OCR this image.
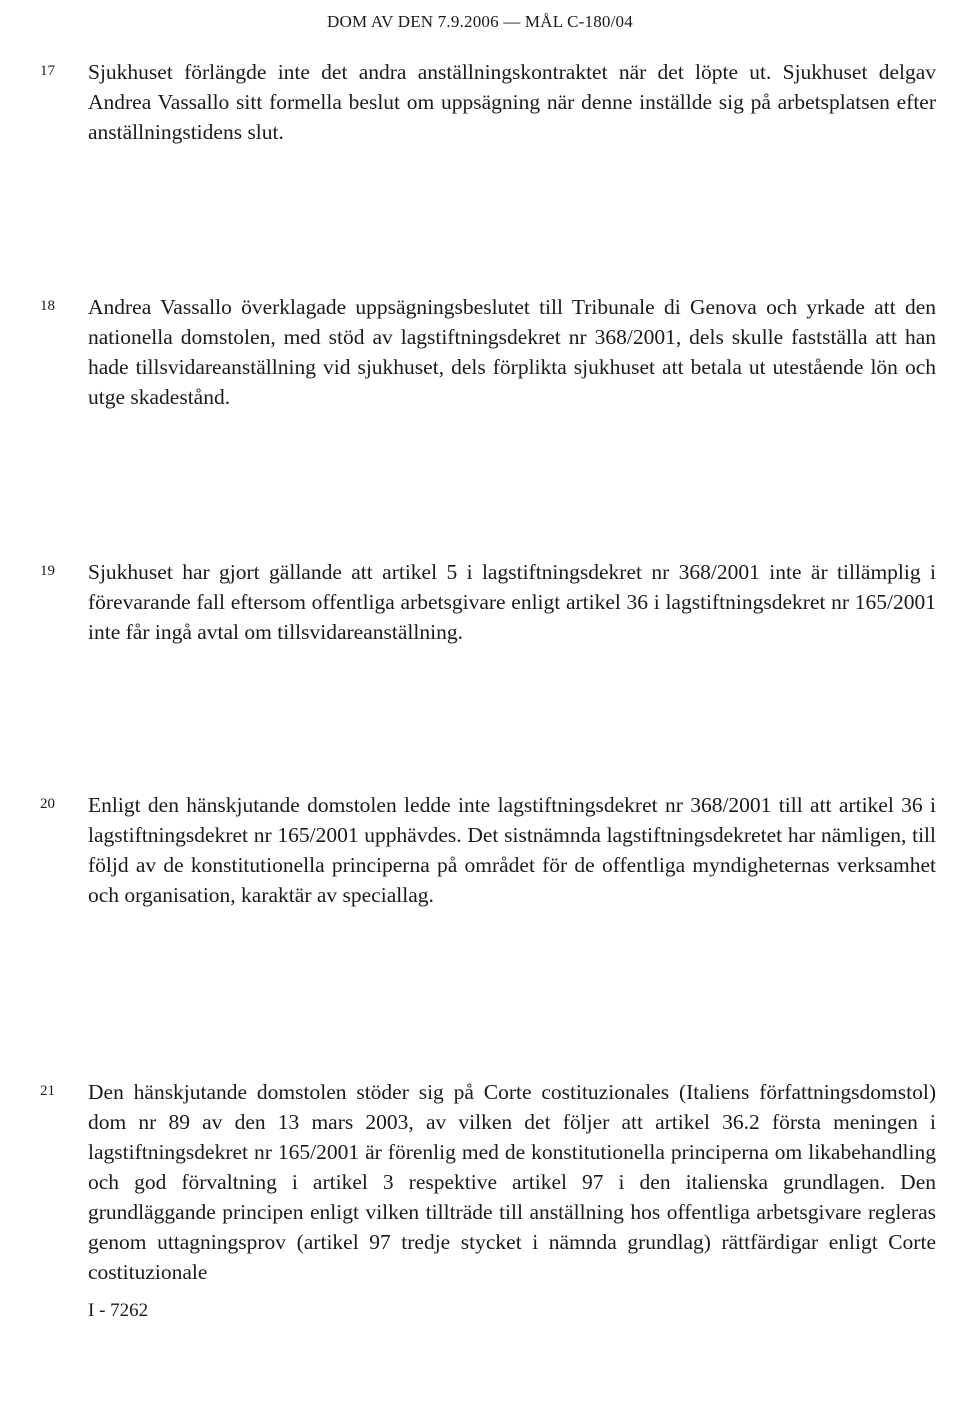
DOM AV DEN 7.9.2006 — MÅL C-180/04
17	Sjukhuset förlängde inte det andra anställningskontraktet när det löpte ut. Sjukhuset delgav Andrea Vassallo sitt formella beslut om uppsägning när denne inställde sig på arbetsplatsen efter anställningstidens slut.

18	Andrea Vassallo överklagade uppsägningsbeslutet till Tribunale di Genova och yrkade att den nationella domstolen, med stöd av lagstiftningsdekret nr 368/2001, dels skulle fastställa att han hade tillsvidareanställning vid sjukhuset, dels förplikta sjukhuset att betala ut utestående lön och utge skadestånd.

19	Sjukhuset har gjort gällande att artikel 5 i lagstiftningsdekret nr 368/2001 inte är tillämplig i förevarande fall eftersom offentliga arbetsgivare enligt artikel 36 i lagstiftningsdekret nr 165/2001 inte får ingå avtal om tillsvidareanställning.

20	Enligt den hänskjutande domstolen ledde inte lagstiftningsdekret nr 368/2001 till att artikel 36 i lagstiftningsdekret nr 165/2001 upphävdes. Det sistnämnda lagstiftningsdekretet har nämligen, till följd av de konstitutionella principerna på området för de offentliga myndigheternas verksamhet och organisation, karaktär av speciallag.

21	Den hänskjutande domstolen stöder sig på Corte costituzionales (Italiens författningsdomstol) dom nr 89 av den 13 mars 2003, av vilken det följer att artikel 36.2 första meningen i lagstiftningsdekret nr 165/2001 är förenlig med de konstitutionella principerna om likabehandling och god förvaltning i artikel 3 respektive artikel 97 i den italienska grundlagen. Den grundläggande principen enligt vilken tillträde till anställning hos offentliga arbetsgivare regleras genom uttagningsprov (artikel 97 tredje stycket i nämnda grundlag) rättfärdigar enligt Corte costituzionale

I - 7262
